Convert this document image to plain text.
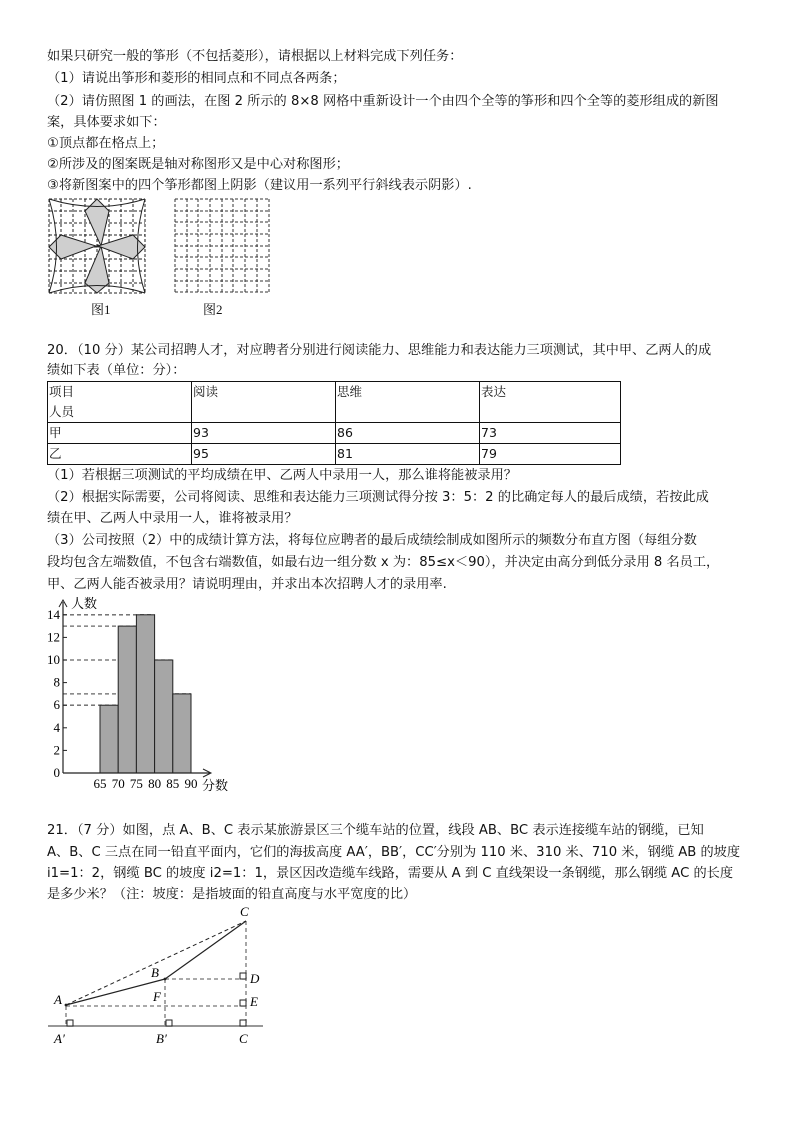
如果只研究一般的筝形（不包括菱形），请根据以上材料完成下列任务：
（1）请说出筝形和菱形的相同点和不同点各两条；
（2）请仿照图 1 的画法，在图 2 所示的 8×8 网格中重新设计一个由四个全等的筝形和四个全等的菱形组成的新图
案，具体要求如下：
①顶点都在格点上；
②所涉及的图案既是轴对称图形又是中心对称图形；
③将新图案中的四个筝形都图上阴影（建议用一系列平行斜线表示阴影）.
图1	图2
20．（10 分）某公司招聘人才，对应聘者分别进行阅读能力、思维能力和表达能力三项测试，其中甲、乙两人的成
绩如下表（单位：分）：
项目
人员	阅读	思维	表达
甲	93	86	73
乙	95	81	79
（1）若根据三项测试的平均成绩在甲、乙两人中录用一人，那么谁将能被录用？
（2）根据实际需要，公司将阅读、思维和表达能力三项测试得分按 3：5：2 的比确定每人的最后成绩，若按此成
绩在甲、乙两人中录用一人，谁将被录用？
（3）公司按照（2）中的成绩计算方法，将每位应聘者的最后成绩绘制成如图所示的频数分布直方图（每组分数
段均包含左端数值，不包含右端数值，如最右边一组分数 x 为：85≤x＜90），并决定由高分到低分录用 8 名员工，
甲、乙两人能否被录用？请说明理由，并求出本次招聘人才的录用率.
0
2
4
6
8
10
12
14
65 70 75 80 85 90
人数
分数
21．（7 分）如图，点 A、B、C 表示某旅游景区三个缆车站的位置，线段 AB、BC 表示连接缆车站的钢缆，已知
A、B、C 三点在同一铅直平面内，它们的海拔高度 AA′，BB′，CC′分别为 110 米、310 米、710 米，钢缆 AB 的坡度
i1=1：2，钢缆 BC 的坡度 i2=1：1，景区因改造缆车线路，需要从 A 到 C 直线架设一条钢缆，那么钢缆 AC 的长度
是多少米？（注：坡度：是指坡面的铅直高度与水平宽度的比）
A
B
C
D
E
F
A′	B′	C
